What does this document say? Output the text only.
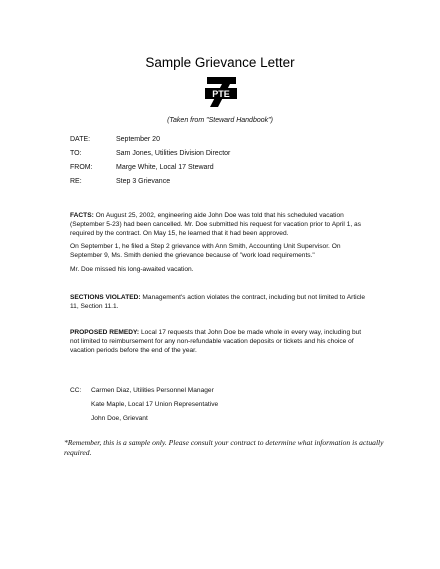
Sample Grievance Letter
PTE
(Taken from "Steward Handbook")
DATE:	September 20
TO:	Sam Jones, Utilities Division Director
FROM:	Marge White, Local 17 Steward
RE:	Step 3 Grievance
FACTS: On August 25, 2002, engineering aide John Doe was told that his scheduled vacation (September 5-23) had been cancelled. Mr. Doe submitted his request for vacation prior to April 1, as required by the contract. On May 15, he learned that it had been approved.
On September 1, he filed a Step 2 grievance with Ann Smith, Accounting Unit Supervisor. On September 9, Ms. Smith denied the grievance because of "work load requirements."
Mr. Doe missed his long-awaited vacation.
SECTIONS VIOLATED: Management's action violates the contract, including but not limited to Article 11, Section 11.1.
PROPOSED REMEDY: Local 17 requests that John Doe be made whole in every way, including but not limited to reimbursement for any non-refundable vacation deposits or tickets and his choice of vacation periods before the end of the year.
CC: Carmen Diaz, Utilities Personnel Manager
Kate Maple, Local 17 Union Representative
John Doe, Grievant
*Remember, this is a sample only. Please consult your contract to determine what information is actually required.
